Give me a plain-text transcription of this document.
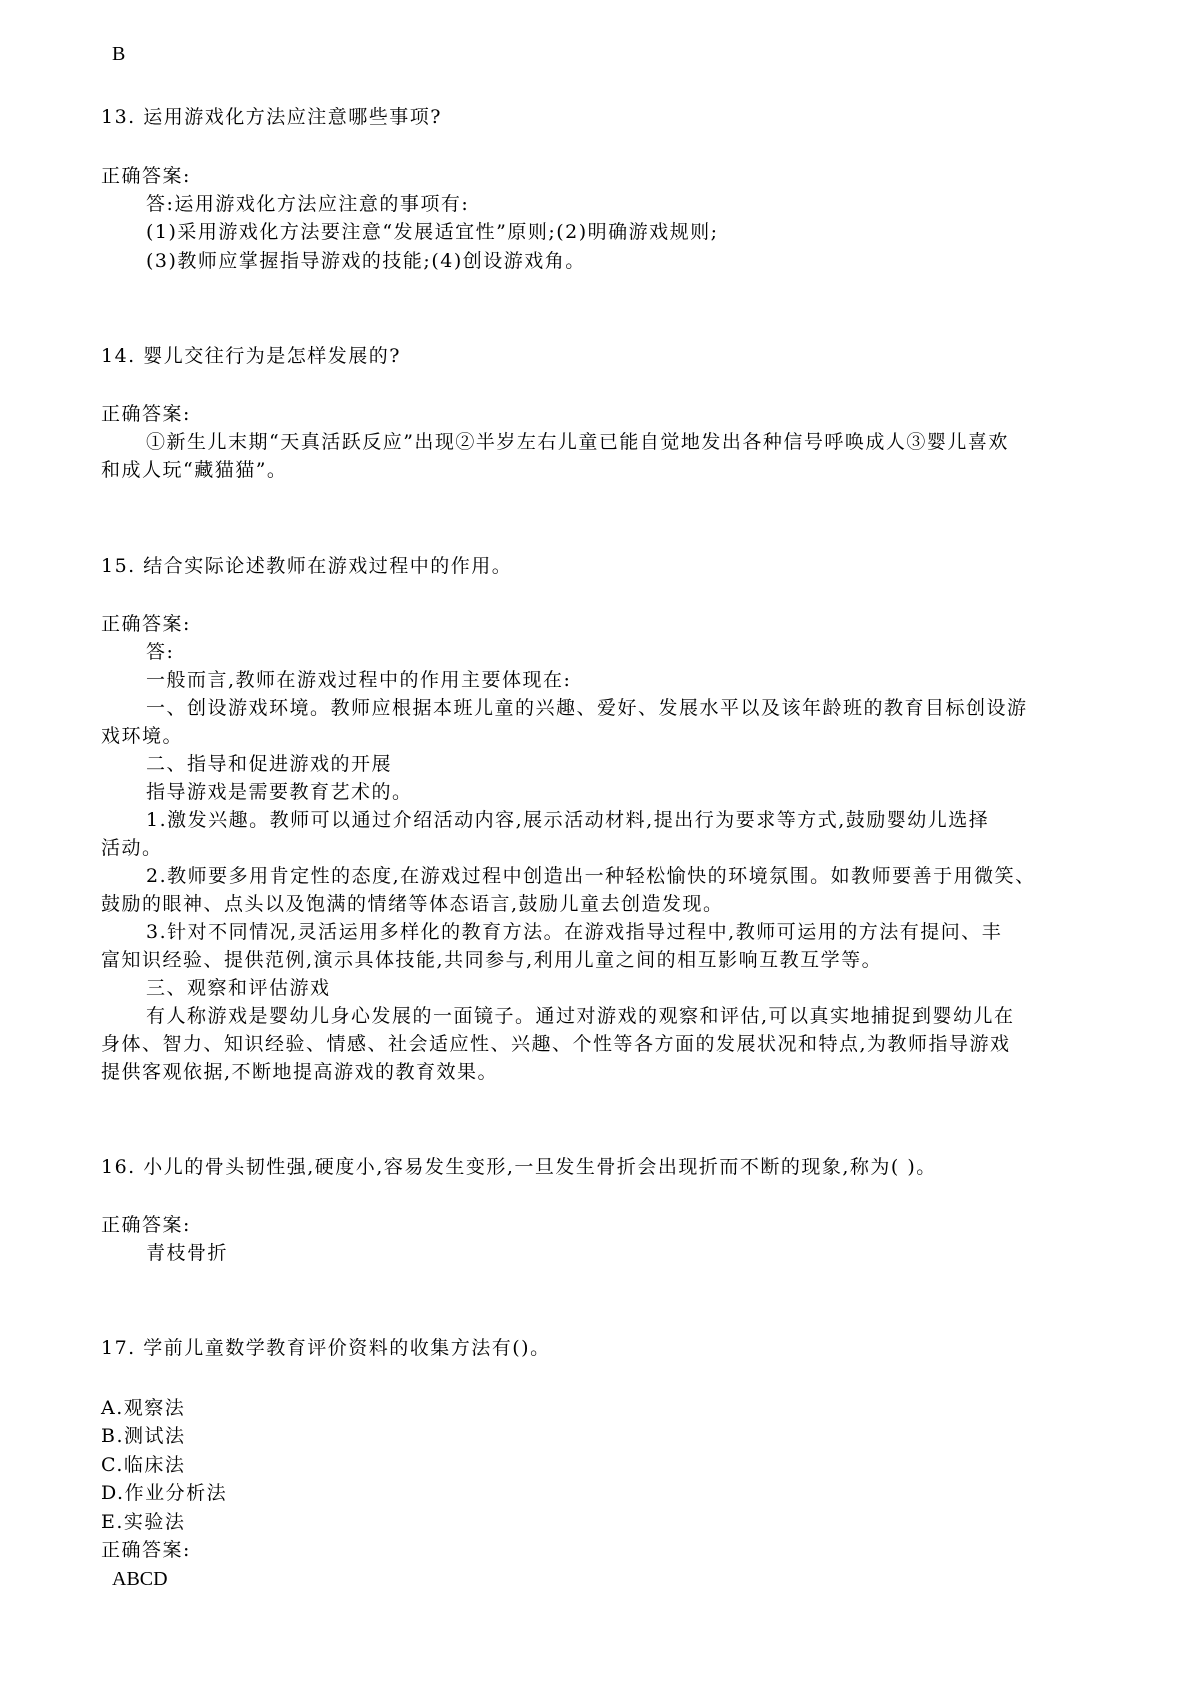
B
13. 运用游戏化方法应注意哪些事项?
正确答案:
答:运用游戏化方法应注意的事项有:
(1)采用游戏化方法要注意“发展适宜性”原则;(2)明确游戏规则;
(3)教师应掌握指导游戏的技能;(4)创设游戏角。
14. 婴儿交往行为是怎样发展的?
正确答案:
①新生儿末期“天真活跃反应”出现②半岁左右儿童已能自觉地发出各种信号呼唤成人③婴儿喜欢
和成人玩“藏猫猫”。
15. 结合实际论述教师在游戏过程中的作用。
正确答案:
答:
一般而言,教师在游戏过程中的作用主要体现在:
一、创设游戏环境。教师应根据本班儿童的兴趣、爱好、发展水平以及该年龄班的教育目标创设游
戏环境。
二、指导和促进游戏的开展
指导游戏是需要教育艺术的。
1.激发兴趣。教师可以通过介绍活动内容,展示活动材料,提出行为要求等方式,鼓励婴幼儿选择
活动。
2.教师要多用肯定性的态度,在游戏过程中创造出一种轻松愉快的环境氛围。如教师要善于用微笑、
鼓励的眼神、点头以及饱满的情绪等体态语言,鼓励儿童去创造发现。
3.针对不同情况,灵活运用多样化的教育方法。在游戏指导过程中,教师可运用的方法有提问、丰
富知识经验、提供范例,演示具体技能,共同参与,利用儿童之间的相互影响互教互学等。
三、观察和评估游戏
有人称游戏是婴幼儿身心发展的一面镜子。通过对游戏的观察和评估,可以真实地捕捉到婴幼儿在
身体、智力、知识经验、情感、社会适应性、兴趣、个性等各方面的发展状况和特点,为教师指导游戏
提供客观依据,不断地提高游戏的教育效果。
16. 小儿的骨头韧性强,硬度小,容易发生变形,一旦发生骨折会出现折而不断的现象,称为( )。
正确答案:
青枝骨折
17. 学前儿童数学教育评价资料的收集方法有()。
A.观察法
B.测试法
C.临床法
D.作业分析法
E.实验法
正确答案:
ABCD
